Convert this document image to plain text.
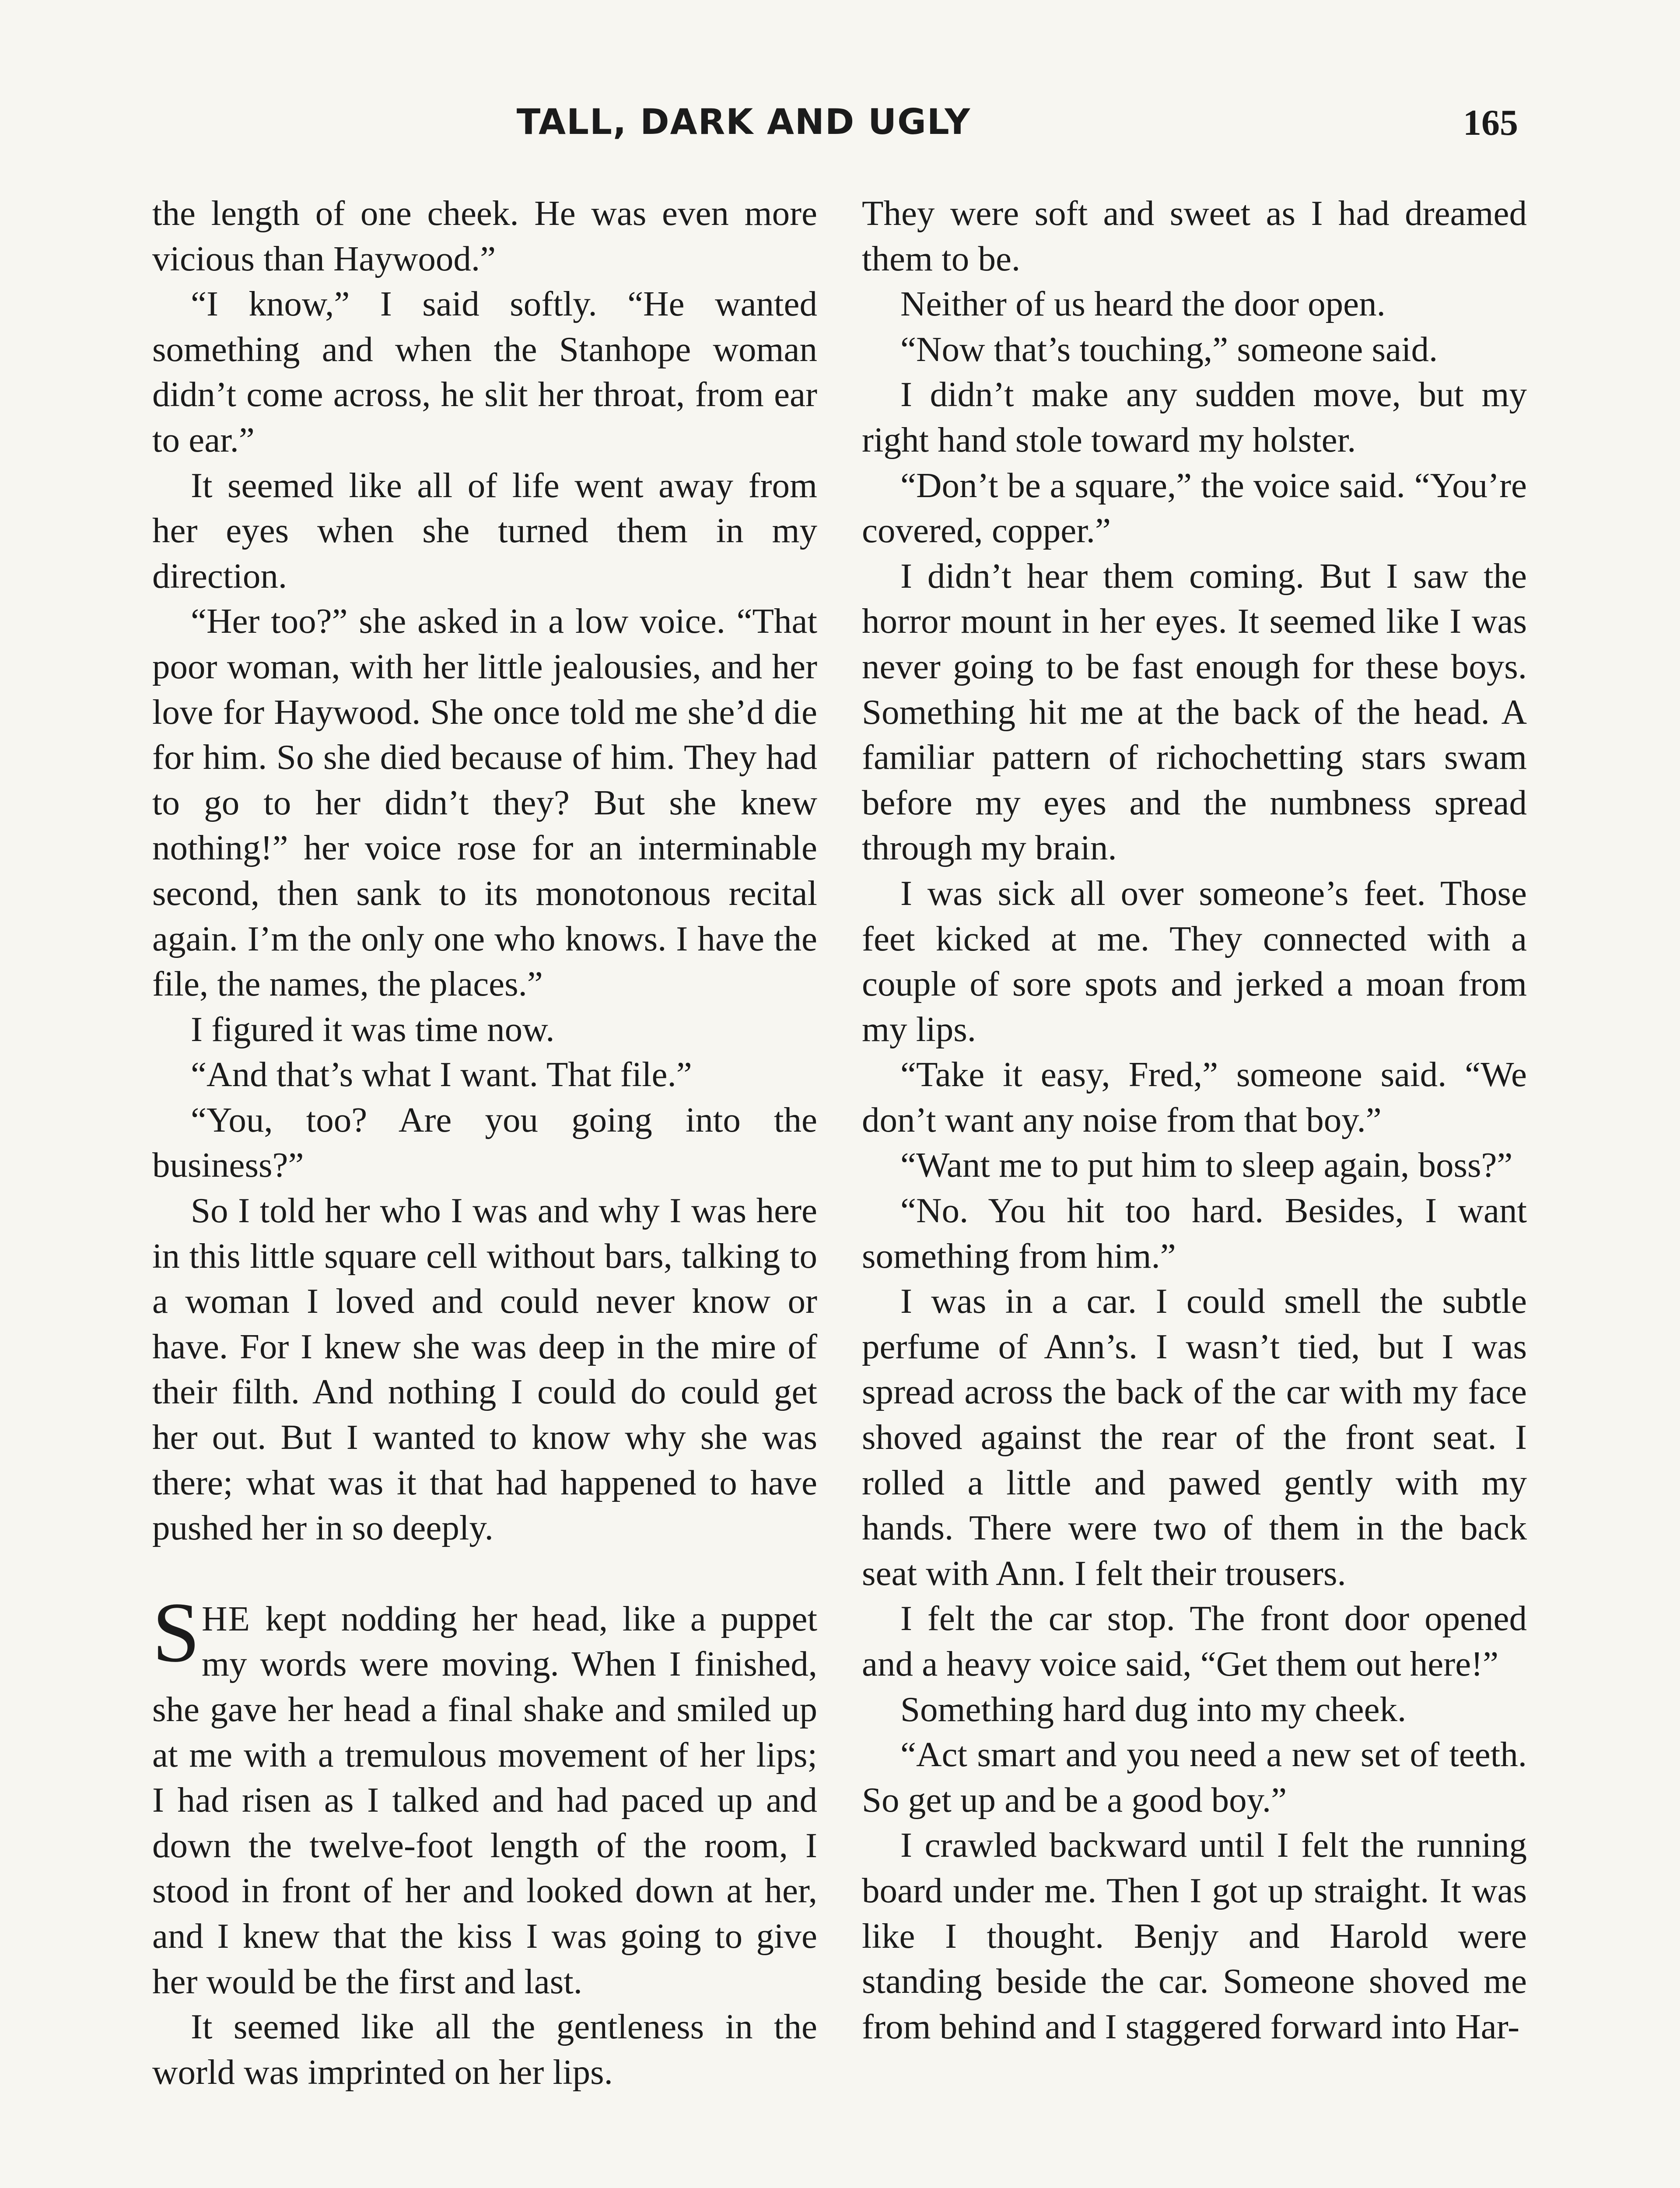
TALL, DARK AND UGLY	165

the length of one cheek. He was even more vicious than Haywood.”

“I know,” I said softly. “He wanted something and when the Stanhope woman didn’t come across, he slit her throat, from ear to ear.”

It seemed like all of life went away from her eyes when she turned them in my direction.

“Her too?” she asked in a low voice. “That poor woman, with her little jealousies, and her love for Haywood. She once told me she’d die for him. So she died because of him. They had to go to her didn’t they? But she knew nothing!” her voice rose for an interminable second, then sank to its monotonous recital again. I’m the only one who knows. I have the file, the names, the places.”

I figured it was time now.

“And that’s what I want. That file.”

“You, too? Are you going into the business?”

So I told her who I was and why I was here in this little square cell without bars, talking to a woman I loved and could never know or have. For I knew she was deep in the mire of their filth. And nothing I could do could get her out. But I wanted to know why she was there; what was it that had happened to have pushed her in so deeply.

SHE kept nodding her head, like a puppet my words were moving. When I finished, she gave her head a final shake and smiled up at me with a tremulous movement of her lips; I had risen as I talked and had paced up and down the twelve-foot length of the room, I stood in front of her and looked down at her, and I knew that the kiss I was going to give her would be the first and last.

It seemed like all the gentleness in the world was imprinted on her lips.

They were soft and sweet as I had dreamed them to be.

Neither of us heard the door open.

“Now that’s touching,” someone said.

I didn’t make any sudden move, but my right hand stole toward my holster.

“Don’t be a square,” the voice said. “You’re covered, copper.”

I didn’t hear them coming. But I saw the horror mount in her eyes. It seemed like I was never going to be fast enough for these boys. Something hit me at the back of the head. A familiar pattern of richochetting stars swam before my eyes and the numbness spread through my brain.

I was sick all over someone’s feet. Those feet kicked at me. They connected with a couple of sore spots and jerked a moan from my lips.

“Take it easy, Fred,” someone said. “We don’t want any noise from that boy.”

“Want me to put him to sleep again, boss?”

“No. You hit too hard. Besides, I want something from him.”

I was in a car. I could smell the subtle perfume of Ann’s. I wasn’t tied, but I was spread across the back of the car with my face shoved against the rear of the front seat. I rolled a little and pawed gently with my hands. There were two of them in the back seat with Ann. I felt their trousers.

I felt the car stop. The front door opened and a heavy voice said, “Get them out here!”

Something hard dug into my cheek.

“Act smart and you need a new set of teeth. So get up and be a good boy.”

I crawled backward until I felt the running board under me. Then I got up straight. It was like I thought. Benjy and Harold were standing beside the car. Someone shoved me from behind and I staggered forward into Har-
